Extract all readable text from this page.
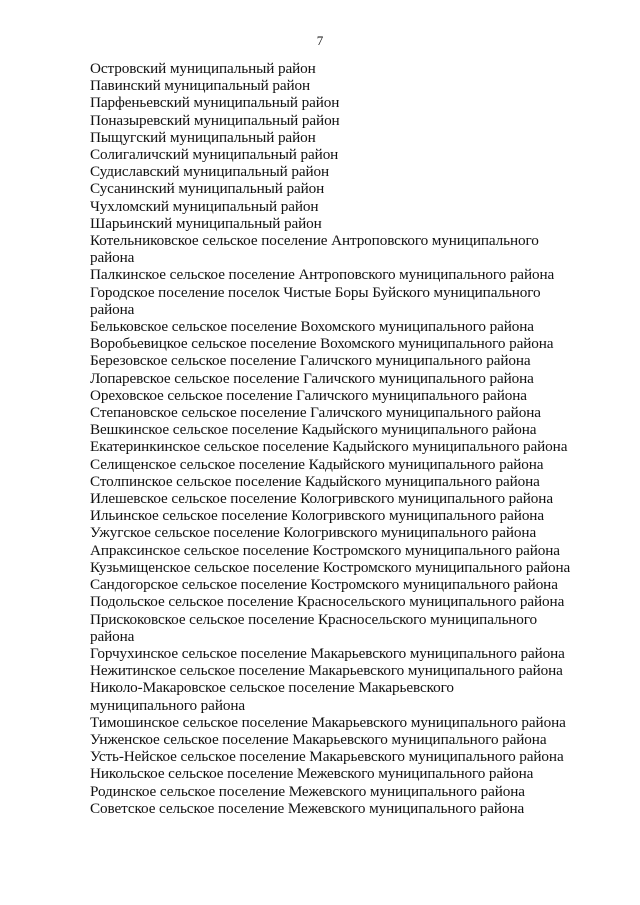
7
Островский муниципальный район
Павинский муниципальный район
Парфеньевский муниципальный район
Поназыревский муниципальный район
Пыщугский муниципальный район
Солигаличский муниципальный район
Судиславский муниципальный район
Сусанинский муниципальный район
Чухломский муниципальный район
Шарьинский муниципальный район
Котельниковское сельское поселение Антроповского муниципального района
Палкинское сельское поселение Антроповского муниципального района
Городское поселение поселок Чистые Боры Буйского муниципального района
Бельковское сельское поселение Вохомского муниципального района
Воробьевицкое сельское поселение Вохомского муниципального района
Березовское сельское поселение Галичского муниципального района
Лопаревское сельское поселение Галичского муниципального района
Ореховское сельское поселение Галичского муниципального района
Степановское сельское поселение Галичского муниципального района
Вешкинское сельское поселение Кадыйского муниципального района
Екатеринкинское сельское поселение Кадыйского муниципального района
Селищенское сельское поселение Кадыйского муниципального района
Столпинское сельское поселение Кадыйского муниципального района
Илешевское сельское поселение Кологривского муниципального района
Ильинское сельское поселение Кологривского муниципального района
Ужугское сельское поселение Кологривского муниципального района
Апраксинское сельское поселение Костромского муниципального района
Кузьмищенское сельское поселение Костромского муниципального района
Сандогорское сельское поселение Костромского муниципального района
Подольское сельское поселение Красносельского муниципального района
Прискоковское сельское поселение Красносельского муниципального района
Горчухинское сельское поселение Макарьевского муниципального района
Нежитинское сельское поселение Макарьевского муниципального района
Николо-Макаровское сельское поселение Макарьевского муниципального района
Тимошинское сельское поселение Макарьевского муниципального района
Унженское сельское поселение Макарьевского муниципального района
Усть-Нейское сельское поселение Макарьевского муниципального района
Никольское сельское поселение Межевского муниципального района
Родинское сельское поселение Межевского муниципального района
Советское сельское поселение Межевского муниципального района
